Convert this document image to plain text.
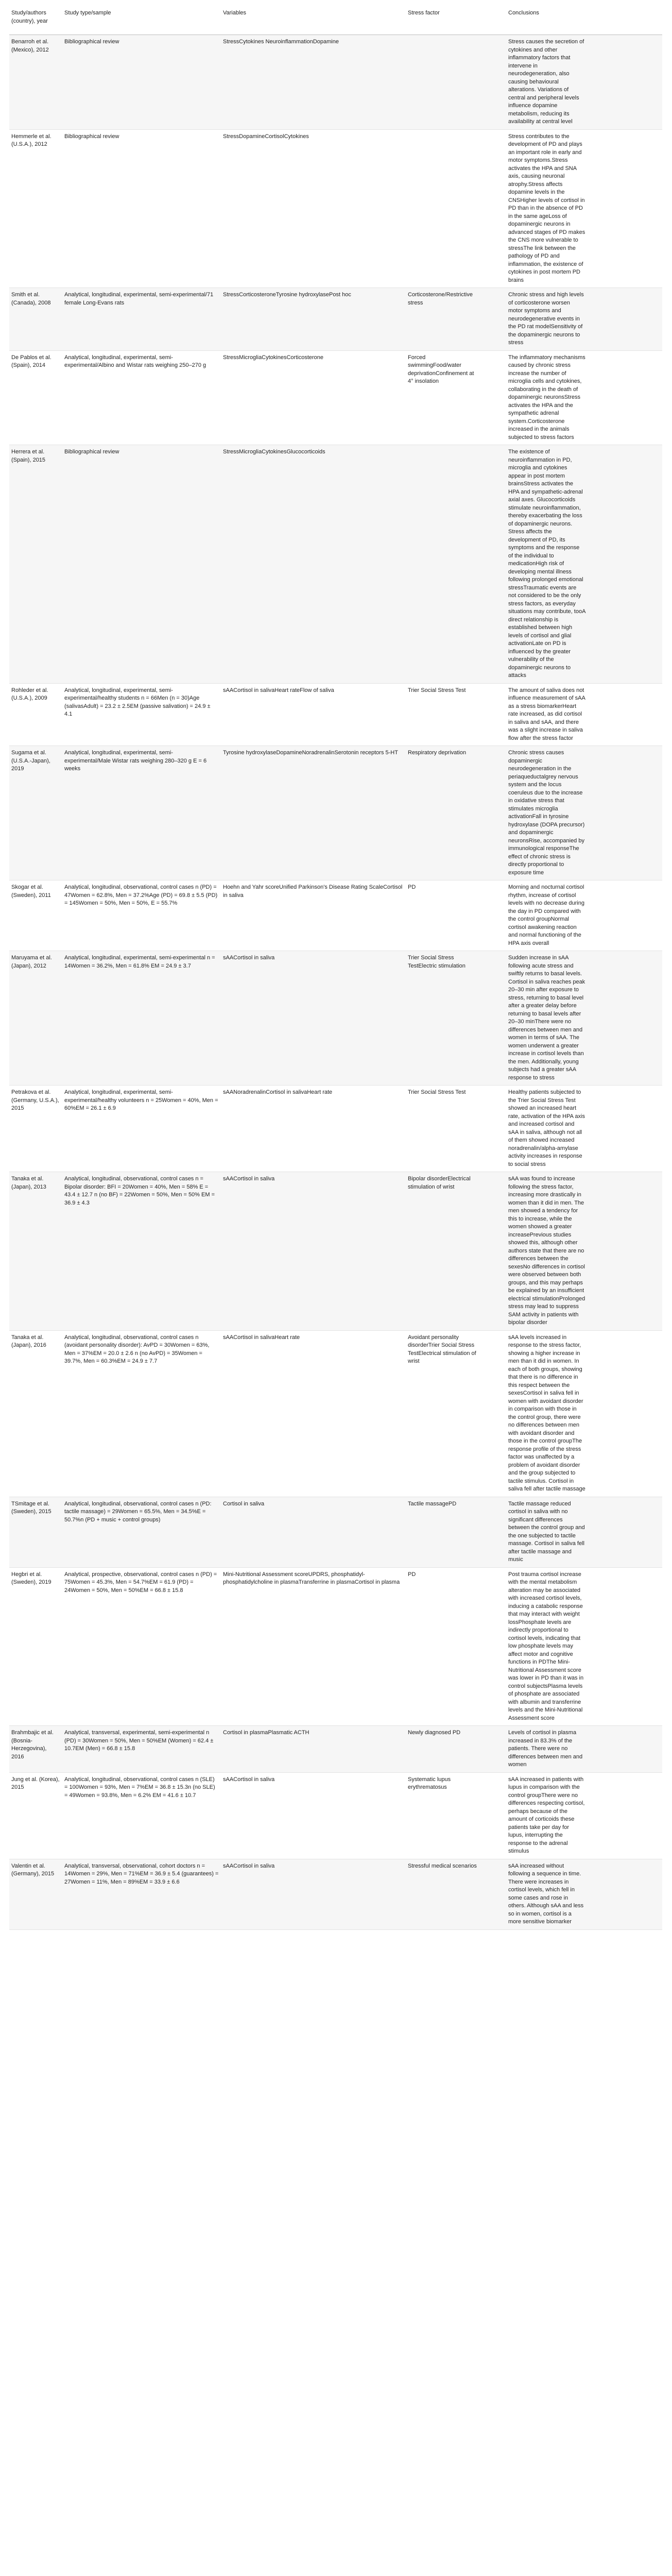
Study/authors (country), year	Study type/sample	Variables	Stress factor	Conclusions

Benarroh et al.(Mexico), 2012	Bibliographical review	StressCytokines NeuroinflammationDopamine		Stress causes the secretion of cytokines and other inflammatory factors that intervene in neurodegeneration, also causing behavioural alterations. Variations of central and peripheral levels influence dopamine metabolism, reducing its availability at central level

Hemmerle et al. (U.S.A.), 2012	Bibliographical review	StressDopamineCortisolCytokines		Stress contributes to the development of PD and plays an important role in early and motor symptoms.Stress activates the HPA and SNA axis, causing neuronal atrophy.Stress affects dopamine levels in the CNSHigher levels of cortisol in PD than in the absence of PD in the same ageLoss of dopaminergic neurons in advanced stages of PD makes the CNS more vulnerable to stressThe link between the pathology of PD and inflammation, the existence of cytokines in post mortem PD brains

Smith et al. (Canada), 2008	Analytical, longitudinal, experimental, semi-experimental/71 female Long-Evans rats	StressCorticosteroneTyrosine hydroxylasePost hoc	Corticosterone/Restrictive stress	Chronic stress and high levels of corticosterone worsen motor symptoms and neurodegenerative events in the PD rat modelSensitivity of the dopaminergic neurons to stress

De Pablos et al. (Spain), 2014	Analytical, longitudinal, experimental, semi-experimental/Albino and Wistar rats weighing 250–270 g	StressMicrogliaCytokinesCorticosterone	Forced swimmingFood/water deprivationConfinement at 4° insolation	The inflammatory mechanisms caused by chronic stress increase the number of microglia cells and cytokines, collaborating in the death of dopaminergic neuronsStress activates the HPA and the sympathetic adrenal system.Corticosterone increased in the animals subjected to stress factors

Herrera et al. (Spain), 2015	Bibliographical review	StressMicrogliaCytokinesGlucocorticoids		The existence of neuroinflammation in PD, microglia and cytokines appear in post mortem brainsStress activates the HPA and sympathetic-adrenal axial axes. Glucocorticoids stimulate neuroinflammation, thereby exacerbating the loss of dopaminergic neurons. Stress affects the development of PD, its symptoms and the response of the individual to medicationHigh risk of developing mental illness following prolonged emotional stressTraumatic events are not considered to be the only stress factors, as everyday situations may contribute, tooA direct relationship is established between high levels of cortisol and glial activationLate on PD is influenced by the greater vulnerability of the dopaminergic neurons to attacks

Rohleder et al. (U.S.A.), 2009	Analytical, longitudinal, experimental, semi-experimental/healthy students n = 66Men (n = 30)Age (salivasAdult) = 23.2 ± 2.5EM (passive salivation) = 24.9 ± 4.1	sAACortisol in salivaHeart rateFlow of saliva	Trier Social Stress Test	The amount of saliva does not influence measurement of sAA as a stress biomarkerHeart rate increased, as did cortisol in saliva and sAA, and there was a slight increase in saliva flow after the stress factor

Sugama et al. (U.S.A.-Japan), 2019	Analytical, longitudinal, experimental, semi-experimental/Male Wistar rats weighing 280–320 g E = 6 weeks	Tyrosine hydroxylaseDopamineNoradrenalinSerotonin receptors 5-HT	Respiratory deprivation	Chronic stress causes dopaminergic neurodegeneration in the periaqueductalgrey nervous system and the locus coeruleus due to the increase in oxidative stress that stimulates microglia activationFall in tyrosine hydroxylase (DOPA precursor) and dopaminergic neuronsRise, accompanied by immunological responseThe effect of chronic stress is directly proportional to exposure time

Skogar et al. (Sweden), 2011	Analytical, longitudinal, observational, control cases n (PD) = 47Women = 62.8%, Men = 37.2%Age (PD) = 69.8 ± 5.5 (PD) = 145Women = 50%, Men = 50%, E = 55.7%	Hoehn and Yahr scoreUnified Parkinson's Disease Rating ScaleCortisol in saliva	PD	Morning and nocturnal cortisol rhythm, increase of cortisol levels with no decrease during the day in PD compared with the control groupNormal cortisol awakening reaction and normal functioning of the HPA axis overall

Maruyama et al. (Japan), 2012	Analytical, longitudinal, experimental, semi-experimental n = 14Women = 36.2%, Men = 61.8% EM = 24.9 ± 3.7	sAACortisol in saliva	Trier Social Stress TestElectric stimulation	Sudden increase in sAA following acute stress and swiftly returns to basal levels. Cortisol in saliva reaches peak 20–30 min after exposure to stress, returning to basal level after a greater delay before returning to basal levels after 20–30 minThere were no differences between men and women in terms of sAA. The women underwent a greater increase in cortisol levels than the men. Additionally, young subjects had a greater sAA response to stress

Petrakova et al. (Germany, U.S.A.), 2015	Analytical, longitudinal, experimental, semi-experimental/healthy volunteers n = 25Women = 40%, Men = 60%EM = 26.1 ± 6.9	sAANoradrenalinCortisol in salivaHeart rate	Trier Social Stress Test	Healthy patients subjected to the Trier Social Stress Test showed an increased heart rate, activation of the HPA axis and increased cortisol and sAA in saliva, although not all of them showed increased noradrenalin/alpha-amylase activity increases in response to social stress

Tanaka et al. (Japan), 2013	Analytical, longitudinal, observational, control cases n = Bipolar disorder: BFI = 20Women = 40%, Men = 58% E = 43.4 ± 12.7 n (no BF) = 22Women = 50%, Men = 50% EM = 36.9 ± 4.3	sAACortisol in saliva	Bipolar disorderElectrical stimulation of wrist	sAA was found to increase following the stress factor, increasing more drastically in women than it did in men. The men showed a tendency for this to increase, while the women showed a greater increasePrevious studies showed this, although other authors state that there are no differences between the sexesNo differences in cortisol were observed between both groups, and this may perhaps be explained by an insufficient electrical stimulationProlonged stress may lead to suppress SAM activity in patients with bipolar disorder

Tanaka et al. (Japan), 2016	Analytical, longitudinal, observational, control cases n (avoidant personality disorder): AvPD = 30Women = 63%, Men = 37%EM = 20.0 ± 2.6 n (no AvPD) = 35Women = 39.7%, Men = 60.3%EM = 24.9 ± 7.7	sAACortisol in salivaHeart rate	Avoidant personality disorderTrier Social Stress TestElectrical stimulation of wrist	sAA levels increased in response to the stress factor, showing a higher increase in men than it did in women. In each of both groups, showing that there is no difference in this respect between the sexesCortisol in saliva fell in women with avoidant disorder in comparison with those in the control group, there were no differences between men with avoidant disorder and those in the control groupThe response profile of the stress factor was unaffected by a problem of avoidant disorder and the group subjected to tactile stimulus. Cortisol in saliva fell after tactile massage

TSmitage et al. (Sweden), 2015	Analytical, longitudinal, observational, control cases n (PD: tactile massage) = 29Women = 65.5%, Men = 34.5%E = 50.7%n (PD + music + control groups)	Cortisol in saliva	Tactile massagePD	Tactile massage reduced cortisol in saliva with no significant differences between the control group and the one subjected to tactile massage. Cortisol in saliva fell after tactile massage and music

Hegbri et al. (Sweden), 2019	Analytical, prospective, observational, control cases n (PD) = 75Women = 45.3%, Men = 54.7%EM = 61.9 (PD) = 24Women = 50%, Men = 50%EM = 66.8 ± 15.8	Mini-Nutritional Assessment scoreUPDRS, phosphatidyl-phosphatidylcholine in plasmaTransferrine in plasmaCortisol in plasma	PD	Post trauma cortisol increase with the mental metabolism alteration may be associated with increased cortisol levels, inducing a catabolic response that may interact with weight lossPhosphate levels are indirectly proportional to cortisol levels, indicating that low phosphate levels may affect motor and cognitive functions in PDThe Mini-Nutritional Assessment score was lower in PD than it was in control subjectsPlasma levels of phosphate are associated with albumin and transferrine levels and the Mini-Nutritional Assessment score

Brahmbajic et al. (Bosnia-Herzegovina), 2016	Analytical, transversal, experimental, semi-experimental n (PD) = 30Women = 50%, Men = 50%EM (Women) = 62.4 ± 10.7EM (Men) = 66.8 ± 15.8	Cortisol in plasmaPlasmatic ACTH	Newly diagnosed PD	Levels of cortisol in plasma increased in 83.3% of the patients. There were no differences between men and women

Jung et al. (Korea), 2015	Analytical, longitudinal, observational, control cases n (SLE) = 100Women = 93%, Men = 7%EM = 36.8 ± 15.3n (no SLE) = 49Women = 93.8%, Men = 6.2% EM = 41.6 ± 10.7	sAACortisol in saliva	Systematic lupus erythrematosus	sAA increased in patients with lupus in comparison with the control groupThere were no differences respecting cortisol, perhaps because of the amount of corticoids these patients take per day for lupus, interrupting the response to the adrenal stimulus

Valentin et al. (Germany), 2015	Analytical, transversal, observational, cohort doctors n = 14Women = 29%, Men = 71%EM = 36.9 ± 5.4 (guarantees) = 27Women = 11%, Men = 89%EM = 33.9 ± 6.6	sAACortisol in saliva	Stressful medical scenarios	sAA increased without following a sequence in time. There were increases in cortisol levels, which fell in some cases and rose in others. Although sAA and less so in women, cortisol is a more sensitive biomarker
